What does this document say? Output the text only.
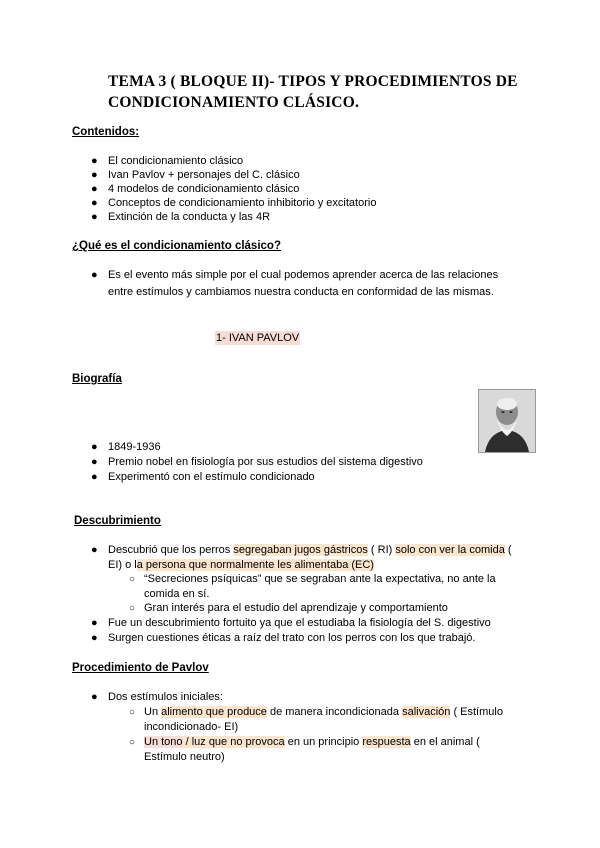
TEMA 3 ( BLOQUE II)- TIPOS Y PROCEDIMIENTOS DE
CONDICIONAMIENTO CLÁSICO.
Contenidos:
● El condicionamiento clásico
● Ivan Pavlov + personajes del C. clásico
● 4 modelos de condicionamiento clásico
● Conceptos de condicionamiento inhibitorio y excitatorio
● Extinción de la conducta y las 4R
¿Qué es el condicionamiento clásico?
● Es el evento más simple por el cual podemos aprender acerca de las relaciones
entre estímulos y cambiamos nuestra conducta en conformidad de las mismas.
1- IVAN PAVLOV
Biografía
● 1849-1936
● Premio nobel en fisiología por sus estudios del sistema digestivo
● Experimentó con el estímulo condicionado
Descubrimiento
● Descubrió que los perros segregaban jugos gástricos ( RI) solo con ver la comida (
EI) o la persona que normalmente les alimentaba (EC)
○ “Secreciones psíquicas” que se segraban ante la expectativa, no ante la
comida en sí.
○ Gran interés para el estudio del aprendizaje y comportamiento
● Fue un descubrimiento fortuito ya que el estudiaba la fisiología del S. digestivo
● Surgen cuestiones éticas a raíz del trato con los perros con los que trabajó.
Procedimiento de Pavlov
● Dos estímulos iniciales:
○ Un alimento que produce de manera incondicionada salivación ( Estímulo
incondicionado- EI)
○ Un tono / luz que no provoca en un principio respuesta en el animal (
Estímulo neutro)
